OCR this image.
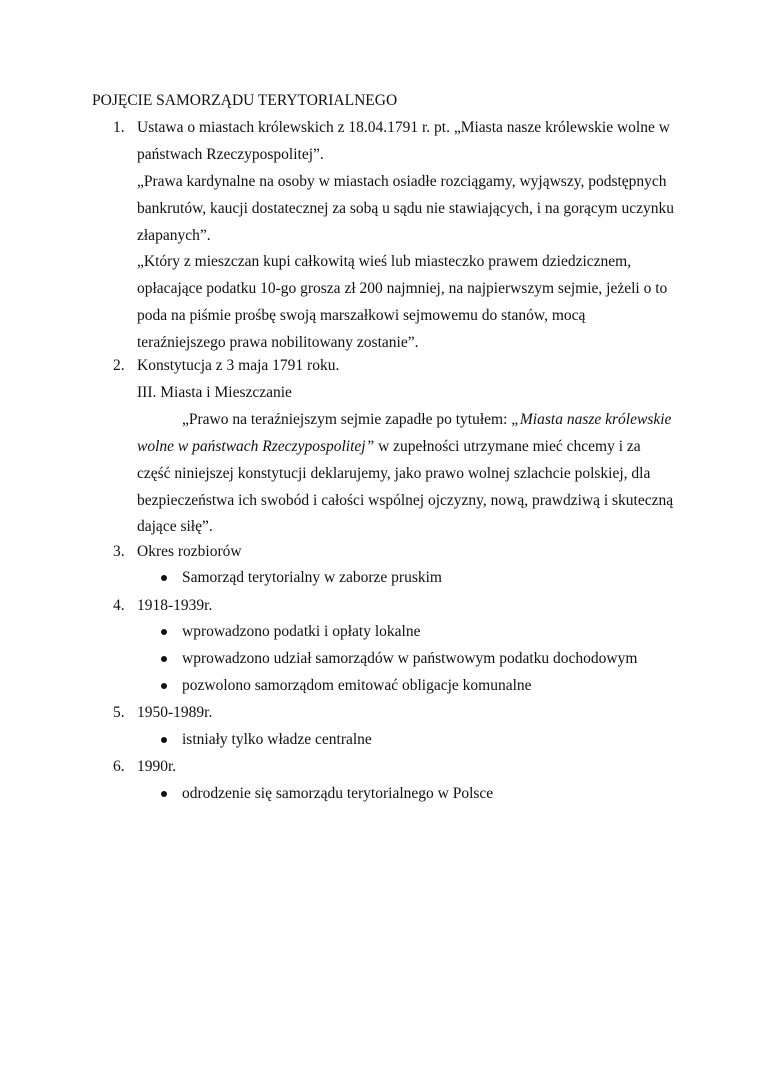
POJĘCIE SAMORZĄDU TERYTORIALNEGO
1. Ustawa o miastach królewskich z 18.04.1791 r. pt. „Miasta nasze królewskie wolne w
państwach Rzeczypospolitej”.
„Prawa kardynalne na osoby w miastach osiadłe rozciągamy, wyjąwszy, podstępnych
bankrutów, kaucji dostatecznej za sobą u sądu nie stawiających, i na gorącym uczynku
złapanych”.
„Który z mieszczan kupi całkowitą wieś lub miasteczko prawem dziedzicznem,
opłacające podatku 10-go grosza zł 200 najmniej, na najpierwszym sejmie, jeżeli o to
poda na piśmie prośbę swoją marszałkowi sejmowemu do stanów, mocą
teraźniejszego prawa nobilitowany zostanie”.
2. Konstytucja z 3 maja 1791 roku.
III. Miasta i Mieszczanie
„Prawo na teraźniejszym sejmie zapadłe po tytułem: „Miasta nasze królewskie
wolne w państwach Rzeczypospolitej” w zupełności utrzymane mieć chcemy i za
część niniejszej konstytucji deklarujemy, jako prawo wolnej szlachcie polskiej, dla
bezpieczeństwa ich swobód i całości wspólnej ojczyzny, nową, prawdziwą i skuteczną
dające siłę”.
3. Okres rozbiorów
Samorząd terytorialny w zaborze pruskim
4. 1918-1939r.
wprowadzono podatki i opłaty lokalne
wprowadzono udział samorządów w państwowym podatku dochodowym
pozwolono samorządom emitować obligacje komunalne
5. 1950-1989r.
istniały tylko władze centralne
6. 1990r.
odrodzenie się samorządu terytorialnego w Polsce
